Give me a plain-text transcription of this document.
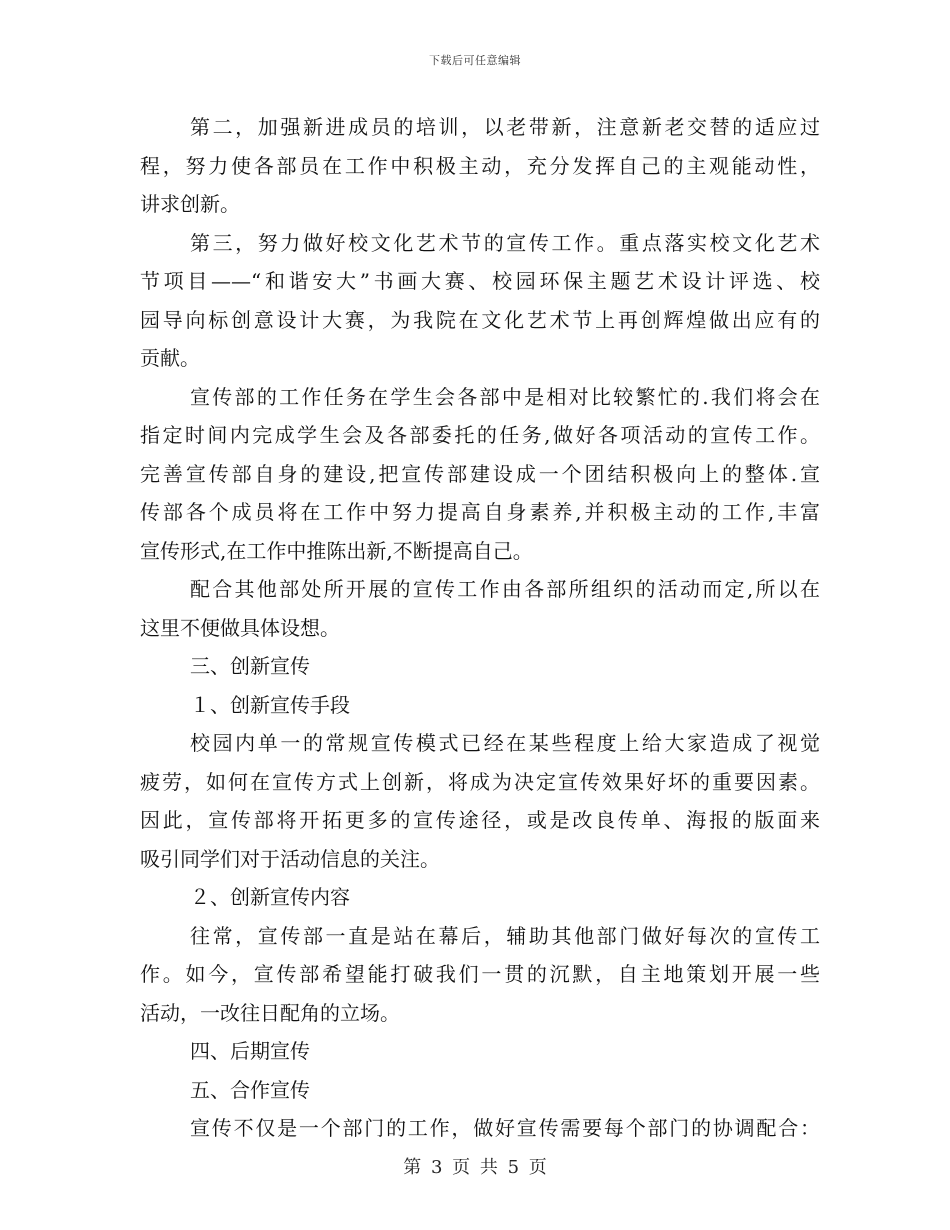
下载后可任意编辑
第二，加强新进成员的培训，以老带新，注意新老交替的适应过
程，努力使各部员在工作中积极主动，充分发挥自己的主观能动性，
讲求创新。
第三，努力做好校文化艺术节的宣传工作。重点落实校文化艺术
节项目——“和谐安大”书画大赛、校园环保主题艺术设计评选、校
园导向标创意设计大赛，为我院在文化艺术节上再创辉煌做出应有的
贡献。
宣传部的工作任务在学生会各部中是相对比较繁忙的.我们将会在
指定时间内完成学生会及各部委托的任务,做好各项活动的宣传工作。
完善宣传部自身的建设,把宣传部建设成一个团结积极向上的整体.宣
传部各个成员将在工作中努力提高自身素养,并积极主动的工作,丰富
宣传形式,在工作中推陈出新,不断提高自己。
配合其他部处所开展的宣传工作由各部所组织的活动而定,所以在
这里不便做具体设想。
三、创新宣传
１、创新宣传手段
校园内单一的常规宣传模式已经在某些程度上给大家造成了视觉
疲劳，如何在宣传方式上创新，将成为决定宣传效果好坏的重要因素。
因此，宣传部将开拓更多的宣传途径，或是改良传单、海报的版面来
吸引同学们对于活动信息的关注。
２、创新宣传内容
往常，宣传部一直是站在幕后，辅助其他部门做好每次的宣传工
作。如今，宣传部希望能打破我们一贯的沉默，自主地策划开展一些
活动，一改往日配角的立场。
四、后期宣传
五、合作宣传
宣传不仅是一个部门的工作，做好宣传需要每个部门的协调配合：
第 3 页 共 5 页
